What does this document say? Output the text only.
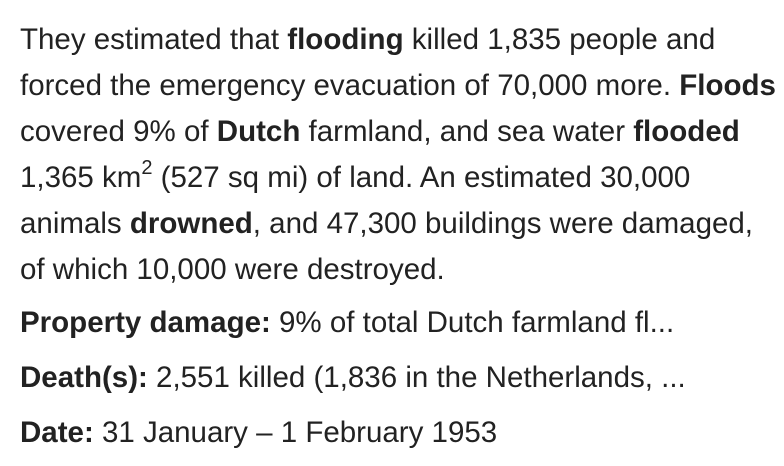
They estimated that flooding killed 1,835 people and forced the emergency evacuation of 70,000 more. Floods covered 9% of Dutch farmland, and sea water flooded 1,365 $km^2$ (527 sq mi) of land. An estimated 30,000 animals drowned, and 47,300 buildings were damaged, of which 10,000 were destroyed.

Property damage: 9% of total Dutch farmland fl...
Death(s): 2,551 killed (1,836 in the Netherlands, ...
Date: 31 January – 1 February 1953
